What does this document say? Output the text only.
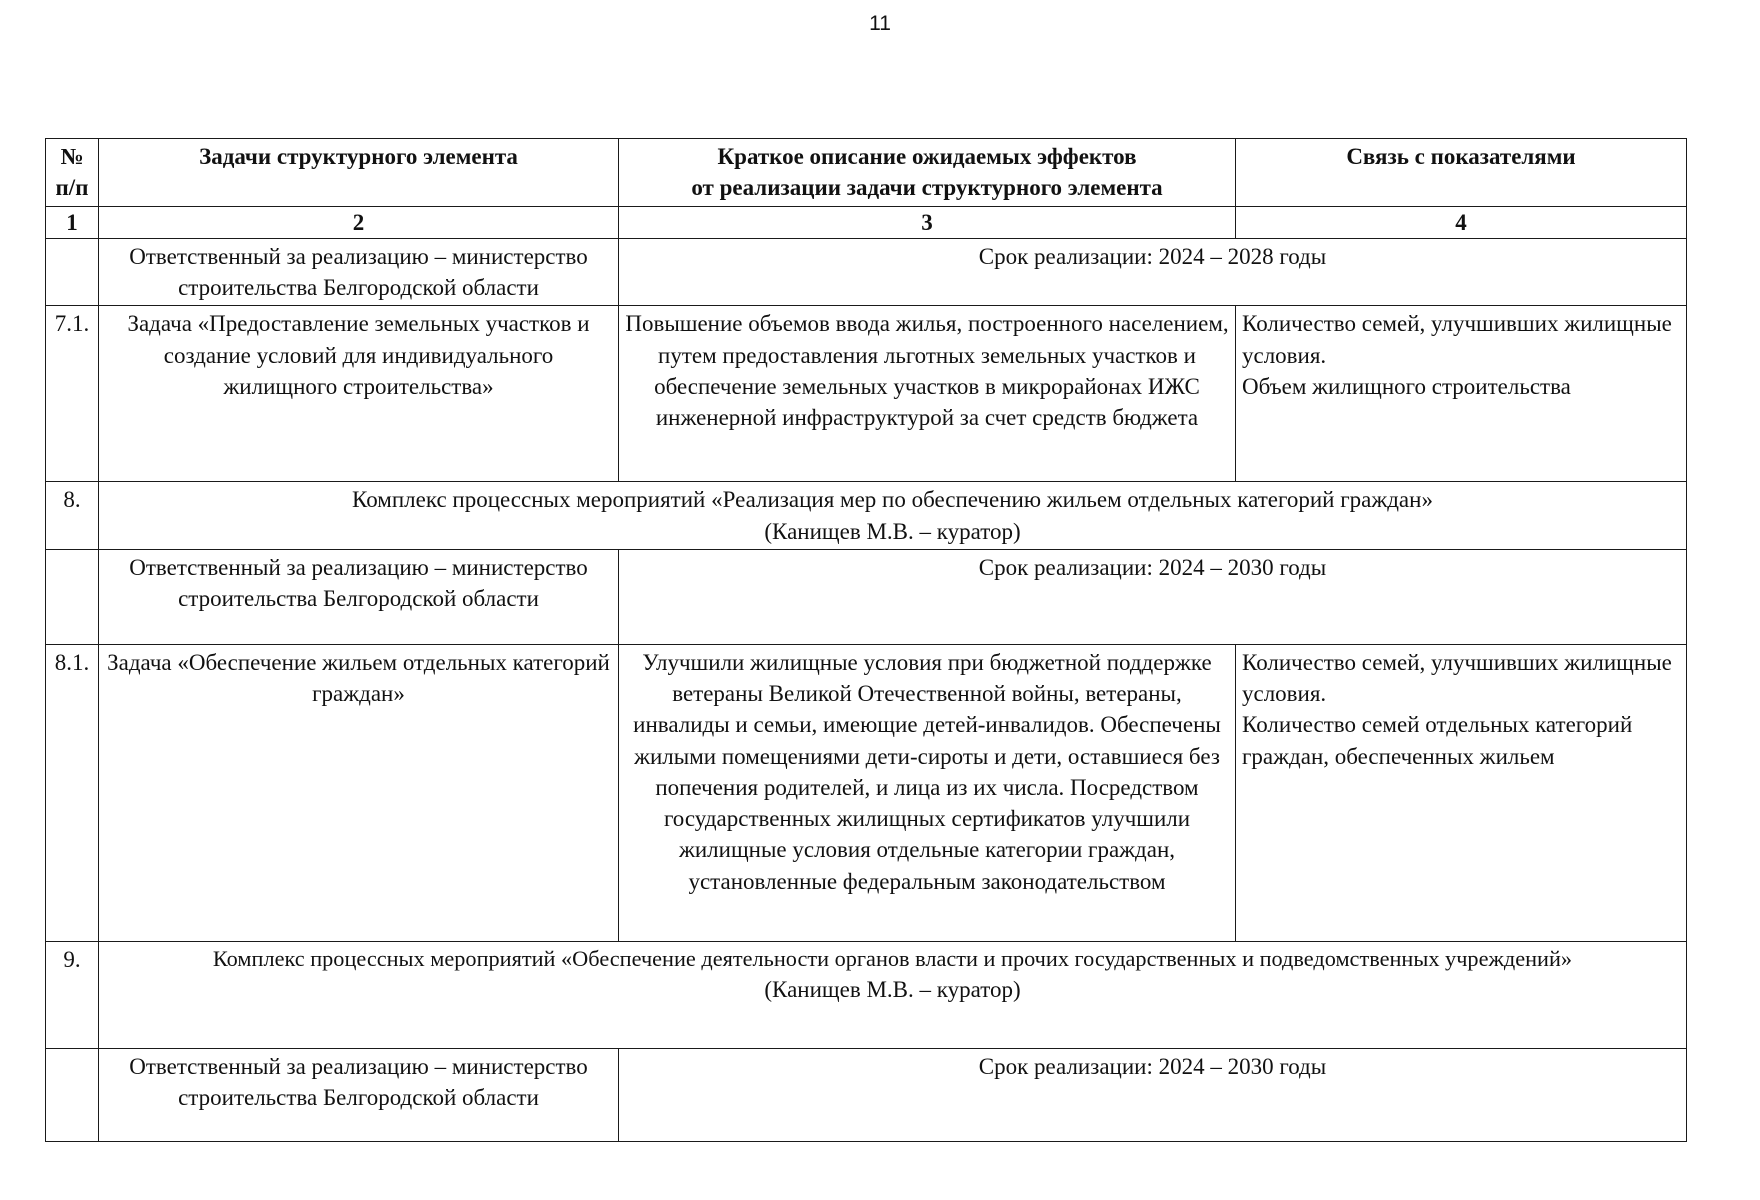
11
№ п/п	Задачи структурного элемента	Краткое описание ожидаемых эффектов
от реализации задачи структурного элемента	Связь с показателями
1	2	3	4
	Ответственный за реализацию – министерство строительства Белгородской области	Срок реализации: 2024 – 2028 годы	
7.1.	Задача «Предоставление земельных участков и создание условий для индивидуального жилищного строительства»	Повышение объемов ввода жилья, построенного населением, путем предоставления льготных земельных участков и обеспечение земельных участков в микрорайонах ИЖС инженерной инфраструктурой за счет средств бюджета	Количество семей, улучшивших жилищные условия.
Объем жилищного строительства

8.	Комплекс процессных мероприятий «Реализация мер по обеспечению жильем отдельных категорий граждан»
(Канищев М.В. – куратор)		

	Ответственный за реализацию – министерство строительства Белгородской области	Срок реализации: 2024 – 2030 годы	
8.1.	Задача «Обеспечение жильем отдельных категорий граждан»	Улучшили жилищные условия при бюджетной поддержке ветераны Великой Отечественной войны, ветераны, инвалиды и семьи, имеющие детей-инвалидов. Обеспечены жилыми помещениями дети-сироты и дети, оставшиеся без попечения родителей, и лица из их числа. Посредством государственных жилищных сертификатов улучшили жилищные условия отдельные категории граждан, установленные федеральным законодательством	Количество семей, улучшивших жилищные условия.
Количество семей отдельных категорий граждан, обеспеченных жильем

9.	Комплекс процессных мероприятий «Обеспечение деятельности органов власти и прочих государственных и подведомственных учреждений»
(Канищев М.В. – куратор)		

	Ответственный за реализацию – министерство строительства Белгородской области	Срок реализации: 2024 – 2030 годы	
